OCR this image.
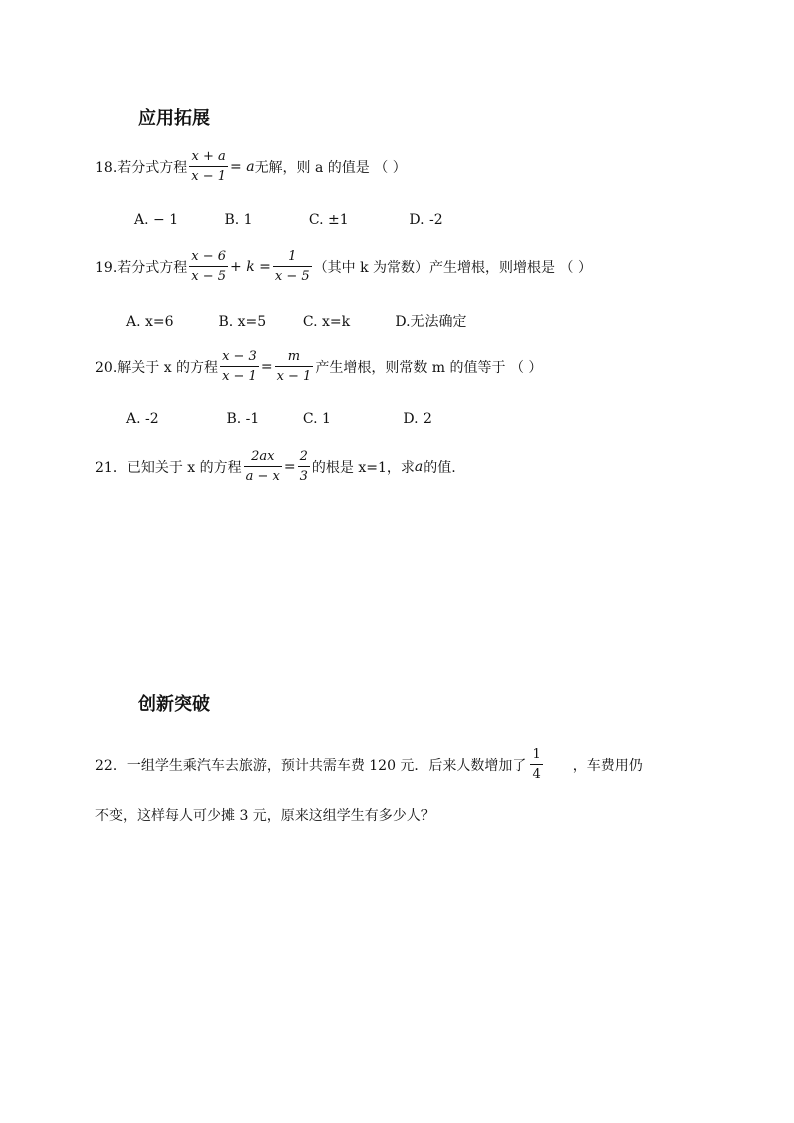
应用拓展
18.若分式方程 $\frac{x + a}{x - 1} = a$ 无解，则 a 的值是 （ ）
A. − 1	B. 1	C. ±1	D. -2
19.若分式方程 $\frac{x - 6}{x - 5} + k = \frac{1}{x - 5}$ （其中 k 为常数）产生增根，则增根是 （ ）
A. x=6	B. x=5	C. x=k	D.无法确定
20.解关于 x 的方程 $\frac{x - 3}{x - 1} = \frac{m}{x - 1}$ 产生增根，则常数 m 的值等于 （ ）
A. -2	B. -1	C. 1	D. 2
21．已知关于 x 的方程 $\frac{2ax}{a - x} = \frac{2}{3}$ 的根是 x=1，求 a 的值.
创新突破
22．一组学生乘汽车去旅游，预计共需车费 120 元．后来人数增加了 $\frac{1}{4}$ ，车费用仍
不变，这样每人可少摊 3 元，原来这组学生有多少人？
